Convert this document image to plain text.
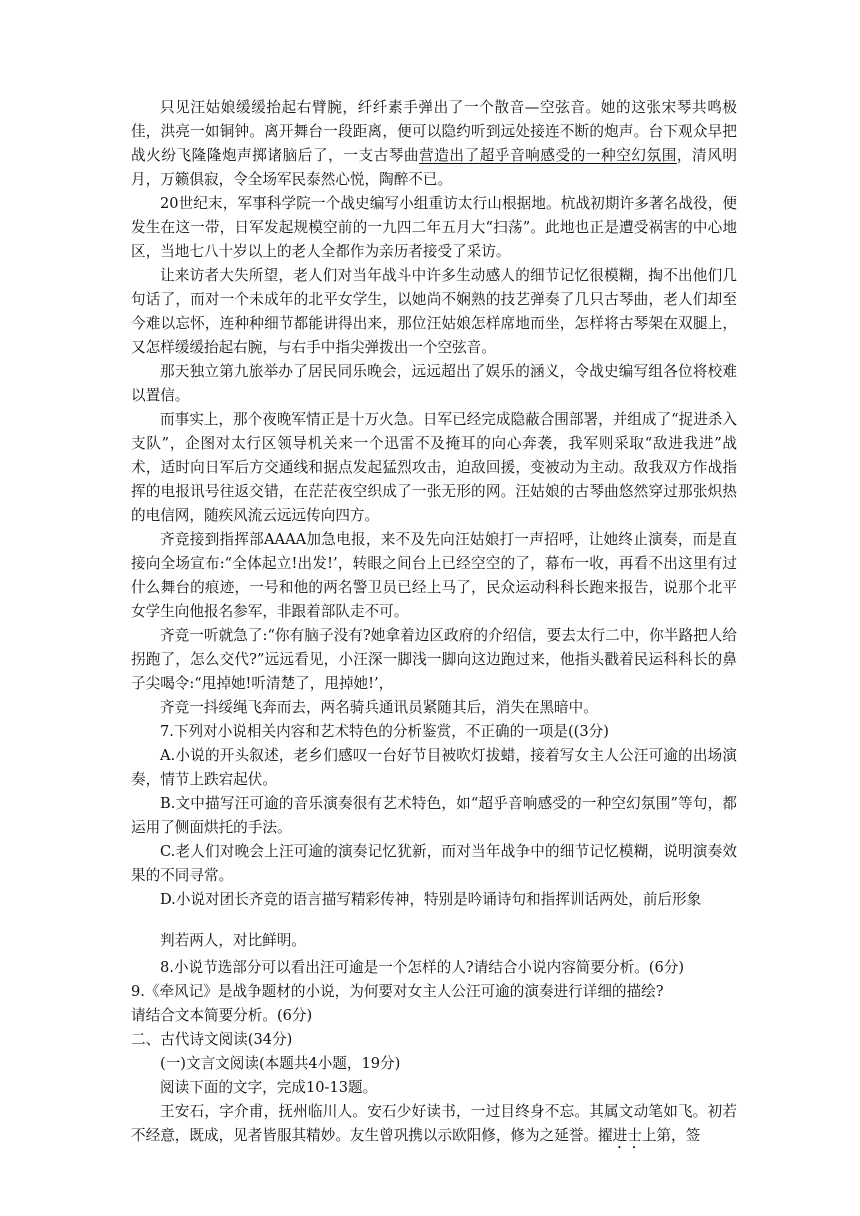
只见汪姑娘缓缓抬起右臂腕，纤纤素手弹出了一个散音—空弦音。她的这张宋琴共鸣极佳，洪亮一如铜钟。离开舞台一段距离，便可以隐约听到远处接连不断的炮声。台下观众早把战火纷飞隆隆炮声掷诸脑后了，一支古琴曲营造出了超乎音响感受的一种空幻氛围，清风明月，万籁俱寂，令全场军民泰然心悦，陶醉不已。

20世纪末，军事科学院一个战史编写小组重访太行山根据地。杭战初期许多著名战役，便发生在这一带，日军发起规模空前的一九四二年五月大“扫荡”。此地也正是遭受祸害的中心地区，当地七八十岁以上的老人全都作为亲历者接受了采访。

让来访者大失所望，老人们对当年战斗中许多生动感人的细节记忆很模糊，掏不出他们几句话了，而对一个未成年的北平女学生，以她尚不娴熟的技艺弹奏了几只古琴曲，老人们却至今难以忘怀，连种种细节都能讲得出来，那位汪姑娘怎样席地而坐，怎样将古琴架在双腿上，又怎样缓缓抬起右腕，与右手中指尖弹拨出一个空弦音。

那天独立第九旅举办了居民同乐晚会，远远超出了娱乐的涵义，令战史编写组各位将校难以置信。

而事实上，那个夜晚军情正是十万火急。日军已经完成隐蔽合围部署，并组成了“捉进杀入支队”，企图对太行区领导机关来一个迅雷不及掩耳的向心奔袭，我军则采取“敌进我进”战术，适时向日军后方交通线和据点发起猛烈攻击，迫敌回援，变被动为主动。敌我双方作战指挥的电报讯号往返交错，在茫茫夜空织成了一张无形的网。汪姑娘的古琴曲悠然穿过那张炽热的电信网，随疾风流云远远传向四方。

齐竞接到指挥部AAAA加急电报，来不及先向汪姑娘打一声招呼，让她终止演奏，而是直接向全场宣布:“全体起立!出发!’，转眼之间台上已经空空的了，幕布一收，再看不出这里有过什么舞台的痕迹，一号和他的两名警卫员已经上马了，民众运动科科长跑来报告，说那个北平女学生向他报名参军，非跟着部队走不可。

齐竞一听就急了:“你有脑子没有?她拿着边区政府的介绍信，要去太行二中，你半路把人给拐跑了，怎么交代?”远远看见，小汪深一脚浅一脚向这边跑过来，他指头戳着民运科科长的鼻子尖喝令:“甩掉她!听清楚了，甩掉她!’，

齐竞一抖绥绳飞奔而去，两名骑兵通讯员紧随其后，消失在黑暗中。

7.下列对小说相关内容和艺术特色的分析鉴赏，不正确的一项是((3分)

A.小说的开头叙述，老乡们感叹一台好节目被吹灯拔蜡，接着写女主人公汪可逾的出场演奏，情节上跌宕起伏。

B.文中描写汪可逾的音乐演奏很有艺术特色，如“超乎音响感受的一种空幻氛围”等句，都运用了侧面烘托的手法。

C.老人们对晚会上汪可逾的演奏记忆犹新，而对当年战争中的细节记忆模糊，说明演奏效果的不同寻常。

D.小说对团长齐竞的语言描写精彩传神，特别是吟诵诗句和指挥训话两处，前后形象

判若两人，对比鲜明。

8.小说节选部分可以看出汪可逾是一个怎样的人?请结合小说内容简要分析。(6分)

9.《牵风记》是战争题材的小说，为何要对女主人公汪可逾的演奏进行详细的描绘?

请结合文本简要分析。(6分)

二、古代诗文阅读(34分)

(一)文言文阅读(本题共4小题，19分)

阅读下面的文字，完成10-13题。

王安石，字介甫，抚州临川人。安石少好读书，一过目终身不忘。其属文动笔如飞。初若不经意，既成，见者皆服其精妙。友生曾巩携以示欧阳修，修为之延誉。擢进士上第，签
